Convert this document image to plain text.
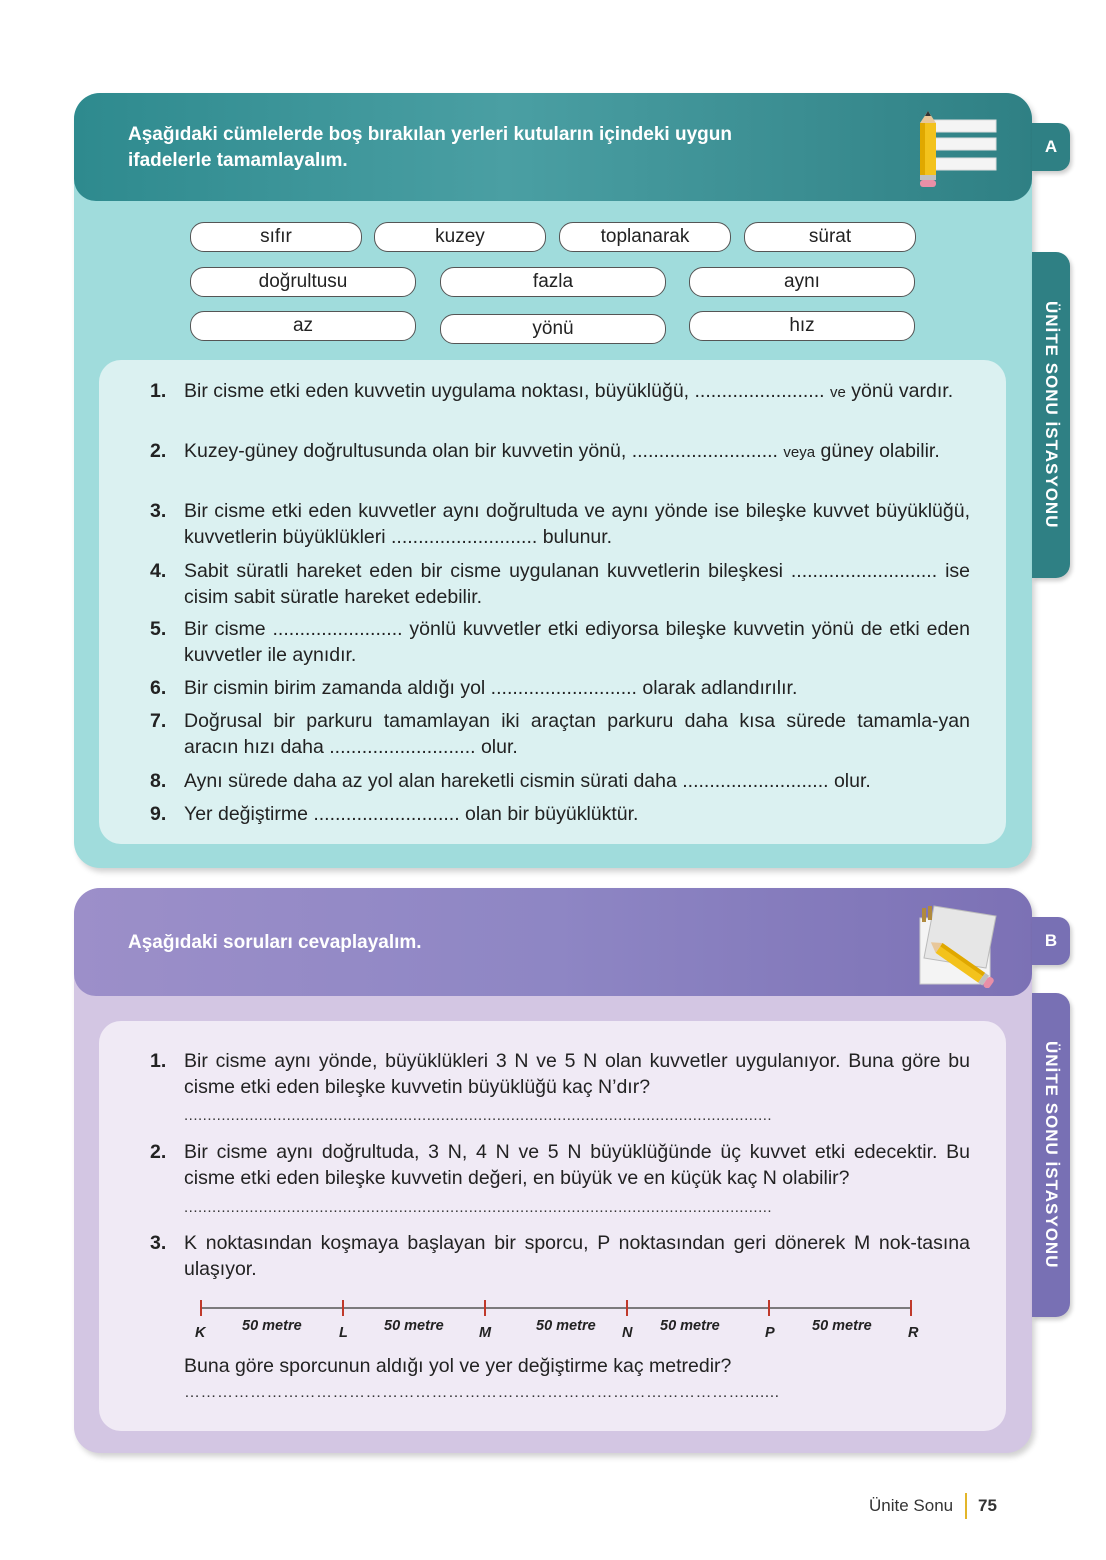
Aşağıdaki cümlelerde boş bırakılan yerleri kutuların içindeki uygun
ifadelerle tamamlayalım.
sıfır	kuzey	toplanarak	sürat
doğrultusu	fazla	aynı
az	yönü	hız
A
ÜNİTE SONU İSTASYONU
1. Bir cisme etki eden kuvvetin uygulama noktası, büyüklüğü, ........................ ve yönü vardır.
2. Kuzey-güney doğrultusunda olan bir kuvvetin yönü, ........................... veya güney olabilir.
3. Bir cisme etki eden kuvvetler aynı doğrultuda ve aynı yönde ise bileşke kuvvet büyüklüğü, kuvvetlerin büyüklükleri ........................... bulunur.
4. Sabit süratli hareket eden bir cisme uygulanan kuvvetlerin bileşkesi ........................... ise cisim sabit süratle hareket edebilir.
5. Bir cisme ........................ yönlü kuvvetler etki ediyorsa bileşke kuvvetin yönü de etki eden kuvvetler ile aynıdır.
6. Bir cismin birim zamanda aldığı yol ........................... olarak adlandırılır.
7. Doğrusal bir parkuru tamamlayan iki araçtan parkuru daha kısa sürede tamamla-yan aracın hızı daha ........................... olur.
8. Aynı sürede daha az yol alan hareketli cismin sürati daha ........................... olur.
9. Yer değiştirme ........................... olan bir büyüklüktür.
Aşağıdaki soruları cevaplayalım.	B
ÜNİTE SONU İSTASYONU
1. Bir cisme aynı yönde, büyüklükleri 3 N ve 5 N olan kuvvetler uygulanıyor. Buna göre bu cisme etki eden bileşke kuvvetin büyüklüğü kaç N’dır?
..............................................................................................................................
2. Bir cisme aynı doğrultuda, 3 N, 4 N ve 5 N büyüklüğünde üç kuvvet etki edecektir. Bu cisme etki eden bileşke kuvvetin değeri, en büyük ve en küçük kaç N olabilir?
..............................................................................................................................
3. K noktasından koşmaya başlayan bir sporcu, P noktasından geri dönerek M nok-tasına ulaşıyor.
K	L	M	N	P	R
50 metre	50 metre	50 metre	50 metre	50 metre
Buna göre sporcunun aldığı yol ve yer değiştirme kaç metredir?
………………………………………………………………………………………….......
Ünite Sonu 75
